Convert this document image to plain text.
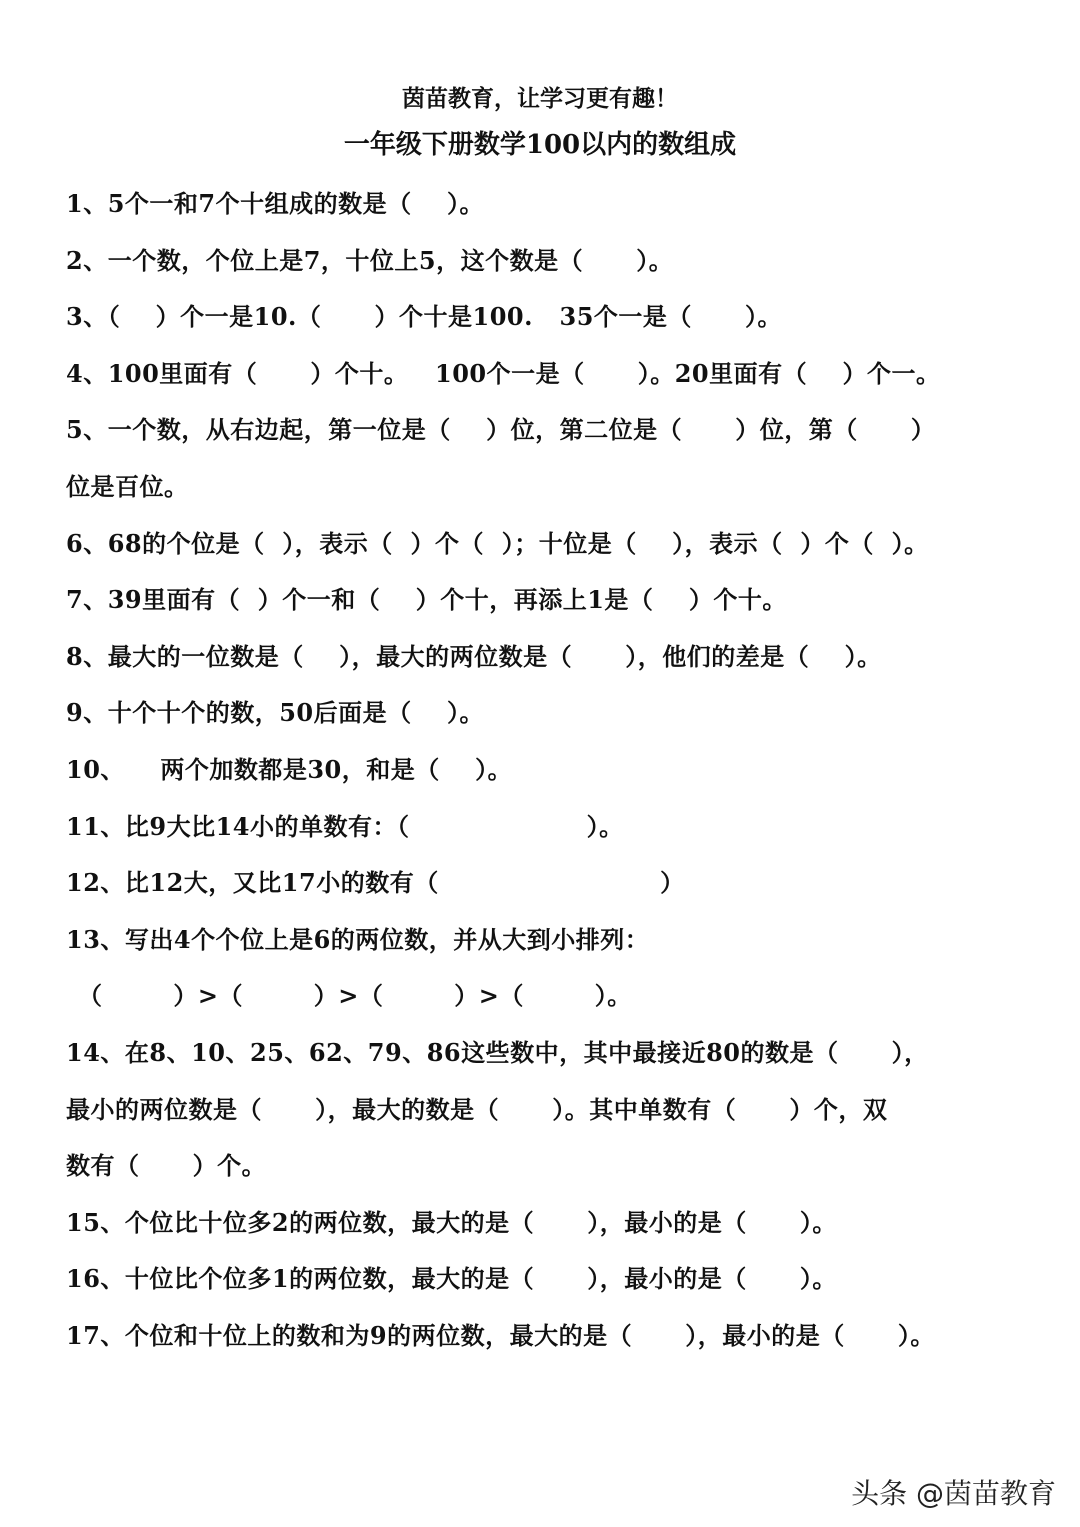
茵苗教育，让学习更有趣！
一年级下册数学100以内的数组成
1、5个一和7个十组成的数是（    ）。
2、一个数，个位上是7，十位上5，这个数是（      ）。
3、（    ）个一是10.（      ）个十是100.   35个一是（      ）。
4、100里面有（      ）个十。   100个一是（      ）。20里面有（    ）个一。
5、一个数，从右边起，第一位是（    ）位，第二位是（      ）位，第（      ）
位是百位。
6、68的个位是（  ），表示（  ）个（  ）；十位是（    ），表示（  ）个（  ）。
7、39里面有（  ）个一和（    ）个十，再添上1是（    ）个十。
8、最大的一位数是（    ），最大的两位数是（      ），他们的差是（    ）。
9、十个十个的数，50后面是（    ）。
10、    两个加数都是30，和是（    ）。
11、比9大比14小的单数有：（                    ）。
12、比12大，又比17小的数有（                         ）
13、写出4个个位上是6的两位数，并从大到小排列：
（        ）>（        ）>（        ）>（        ）。
14、在8、10、25、62、79、86这些数中，其中最接近80的数是（      ），
最小的两位数是（      ），最大的数是（      ）。其中单数有（      ）个，双
数有（      ）个。
15、个位比十位多2的两位数，最大的是（      ），最小的是（      ）。
16、十位比个位多1的两位数，最大的是（      ），最小的是（      ）。
17、个位和十位上的数和为9的两位数，最大的是（      ），最小的是（      ）。
头条 @茵苗教育
